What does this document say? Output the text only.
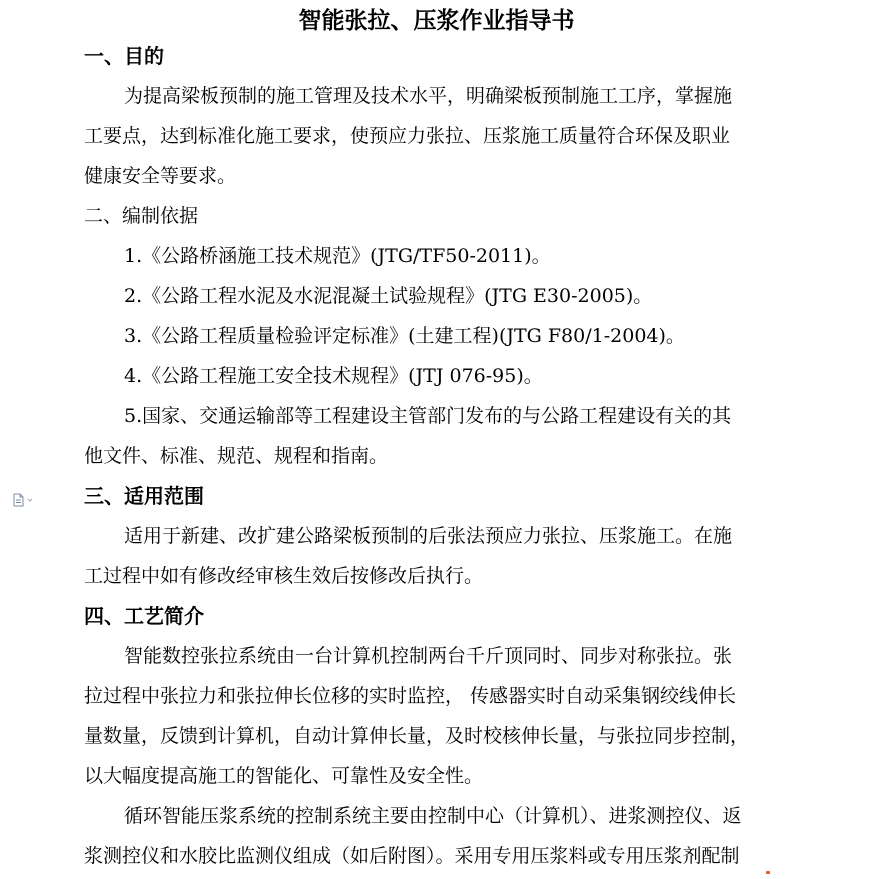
智能张拉、压浆作业指导书
一、目的
为提高梁板预制的施工管理及技术水平，明确梁板预制施工工序，掌握施
工要点，达到标准化施工要求，使预应力张拉、压浆施工质量符合环保及职业
健康安全等要求。
二、编制依据
1.《公路桥涵施工技术规范》(JTG/TF50-2011)。
2.《公路工程水泥及水泥混凝土试验规程》(JTG E30-2005)。
3.《公路工程质量检验评定标准》(土建工程)(JTG F80/1-2004)。
4.《公路工程施工安全技术规程》(JTJ 076-95)。
5.国家、交通运输部等工程建设主管部门发布的与公路工程建设有关的其
他文件、标准、规范、规程和指南。
三、适用范围
适用于新建、改扩建公路梁板预制的后张法预应力张拉、压浆施工。在施
工过程中如有修改经审核生效后按修改后执行。
四、工艺简介
智能数控张拉系统由一台计算机控制两台千斤顶同时、同步对称张拉。张
拉过程中张拉力和张拉伸长位移的实时监控， 传感器实时自动采集钢绞线伸长
量数量，反馈到计算机，自动计算伸长量，及时校核伸长量，与张拉同步控制，
以大幅度提高施工的智能化、可靠性及安全性。
循环智能压浆系统的控制系统主要由控制中心（计算机）、进浆测控仪、返
浆测控仪和水胶比监测仪组成（如后附图）。采用专用压浆料或专用压浆剂配制
